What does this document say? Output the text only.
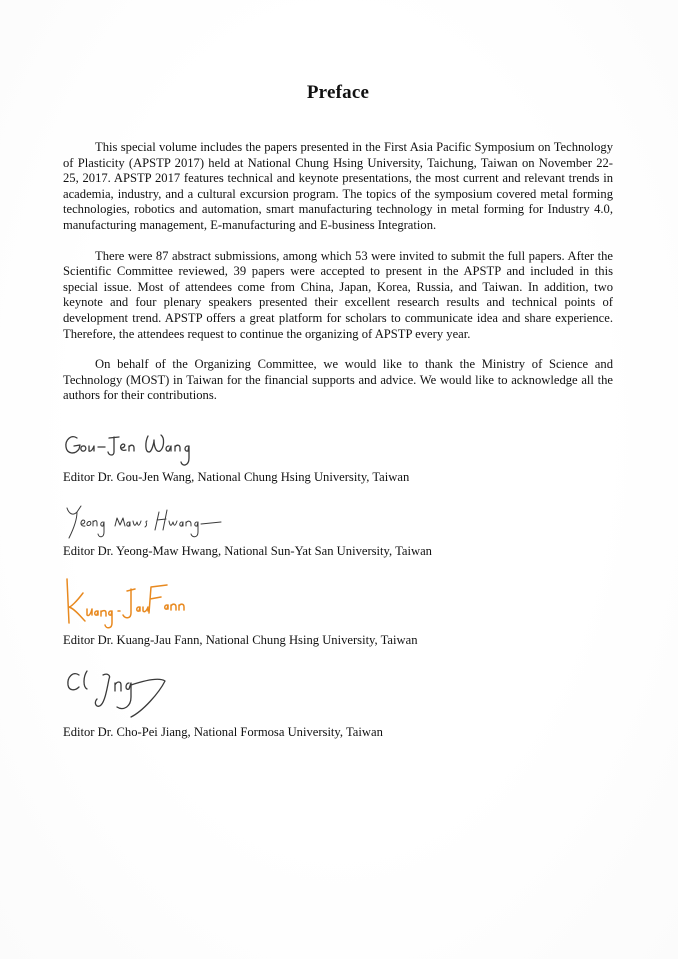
Preface

This special volume includes the papers presented in the First Asia Pacific Symposium on Technology of Plasticity (APSTP 2017) held at National Chung Hsing University, Taichung, Taiwan on November 22-25, 2017. APSTP 2017 features technical and keynote presentations, the most current and relevant trends in academia, industry, and a cultural excursion program. The topics of the symposium covered metal forming technologies, robotics and automation, smart manufacturing technology in metal forming for Industry 4.0, manufacturing management, E-manufacturing and E-business Integration.

There were 87 abstract submissions, among which 53 were invited to submit the full papers. After the Scientific Committee reviewed, 39 papers were accepted to present in the APSTP and included in this special issue. Most of attendees come from China, Japan, Korea, Russia, and Taiwan. In addition, two keynote and four plenary speakers presented their excellent research results and technical points of development trend. APSTP offers a great platform for scholars to communicate idea and share experience. Therefore, the attendees request to continue the organizing of APSTP every year.

On behalf of the Organizing Committee, we would like to thank the Ministry of Science and Technology (MOST) in Taiwan for the financial supports and advice. We would like to acknowledge all the authors for their contributions.

Editor Dr. Gou-Jen Wang, National Chung Hsing University, Taiwan

Editor Dr. Yeong-Maw Hwang, National Sun-Yat San University, Taiwan

Editor Dr. Kuang-Jau Fann, National Chung Hsing University, Taiwan

Editor Dr. Cho-Pei Jiang, National Formosa University, Taiwan
